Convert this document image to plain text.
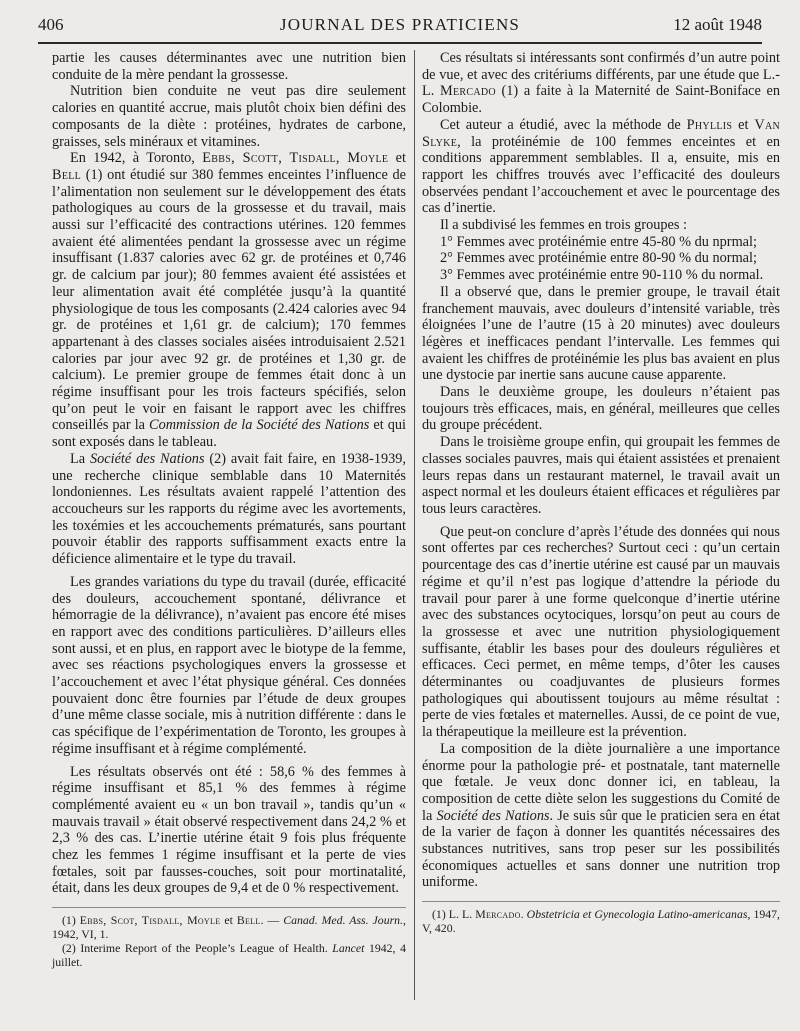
406	JOURNAL DES PRATICIENS	12 août 1948

partie les causes déterminantes avec une nutrition bien conduite de la mère pendant la grossesse.

Nutrition bien conduite ne veut pas dire seulement calories en quantité accrue, mais plutôt choix bien défini des composants de la diète : protéines, hydrates de carbone, graisses, sels minéraux et vitamines.

En 1942, à Toronto, Ebbs, Scott, Tisdall, Moyle et Bell (1) ont étudié sur 380 femmes enceintes l’influence de l’alimentation non seulement sur le développement des états pathologiques au cours de la grossesse et du travail, mais aussi sur l’efficacité des contractions utérines. 120 femmes avaient été alimentées pendant la grossesse avec un régime insuffisant (1.837 calories avec 62 gr. de protéines et 0,746 gr. de calcium par jour); 80 femmes avaient été assistées et leur alimentation avait été complétée jusqu’à la quantité physiologique de tous les composants (2.424 calories avec 94 gr. de protéines et 1,61 gr. de calcium); 170 femmes appartenant à des classes sociales aisées introduisaient 2.521 calories par jour avec 92 gr. de protéines et 1,30 gr. de calcium). Le premier groupe de femmes était donc à un régime insuffisant pour les trois facteurs spécifiés, selon qu’on peut le voir en faisant le rapport avec les chiffres conseillés par la Commission de la Société des Nations et qui sont exposés dans le tableau.

La Société des Nations (2) avait fait faire, en 1938-1939, une recherche clinique semblable dans 10 Maternités londoniennes. Les résultats avaient rappelé l’attention des accoucheurs sur les rapports du régime avec les avortements, les toxémies et les accouchements prématurés, sans pourtant pouvoir établir des rapports suffisamment exacts entre la déficience alimentaire et le type du travail.

Les grandes variations du type du travail (durée, efficacité des douleurs, accouchement spontané, délivrance et hémorragie de la délivrance), n’avaient pas encore été mises en rapport avec des conditions particulières. D’ailleurs elles sont aussi, et en plus, en rapport avec le biotype de la femme, avec ses réactions psychologiques envers la grossesse et l’accouchement et avec l’état physique général. Ces données pouvaient donc être fournies par l’étude de deux groupes d’une même classe sociale, mis à nutrition différente : dans le cas spécifique de l’expérimentation de Toronto, les groupes à régime insuffisant et à régime complémenté.

Les résultats observés ont été : 58,6 % des femmes à régime insuffisant et 85,1 % des femmes à régime complémenté avaient eu « un bon travail », tandis qu’un « mauvais travail » était observé respectivement dans 24,2 % et 2,3 % des cas. L’inertie utérine était 9 fois plus fréquente chez les femmes 1 régime insuffisant et la perte de vies fœtales, soit par fausses-couches, soit pour mortinatalité, était, dans les deux groupes de 9,4 et de 0 % respectivement.

(1) Ebbs, Scot, Tisdall, Moyle et Bell. — Canad. Med. Ass. Journ., 1942, VI, 1.

(2) Interime Report of the People’s League of Health. Lancet 1942, 4 juillet.

Ces résultats si intéressants sont confirmés d’un autre point de vue, et avec des critériums différents, par une étude que L.-L. Mercado (1) a faite à la Maternité de Saint-Boniface en Colombie.

Cet auteur a étudié, avec la méthode de Phyllis et Van Slyke, la protéinémie de 100 femmes enceintes et en conditions apparemment semblables. Il a, ensuite, mis en rapport les chiffres trouvés avec l’efficacité des douleurs observées pendant l’accouchement et avec le pourcentage des cas d’inertie.

Il a subdivisé les femmes en trois groupes :

1° Femmes avec protéinémie entre 45-80 % du nprmal;

2° Femmes avec protéinémie entre 80-90 % du normal;

3° Femmes avec protéinémie entre 90-110 % du normal.

Il a observé que, dans le premier groupe, le travail était franchement mauvais, avec douleurs d’intensité variable, très éloignées l’une de l’autre (15 à 20 minutes) avec douleurs légères et inefficaces pendant l’intervalle. Les femmes qui avaient les chiffres de protéinémie les plus bas avaient en plus une dystocie par inertie sans aucune cause apparente.

Dans le deuxième groupe, les douleurs n’étaient pas toujours très efficaces, mais, en général, meilleures que celles du groupe précédent.

Dans le troisième groupe enfin, qui groupait les femmes de classes sociales pauvres, mais qui étaient assistées et prenaient leurs repas dans un restaurant maternel, le travail avait un aspect normal et les douleurs étaient efficaces et régulières par tous leurs caractères.

Que peut-on conclure d’après l’étude des données qui nous sont offertes par ces recherches? Surtout ceci : qu’un certain pourcentage des cas d’inertie utérine est causé par un mauvais régime et qu’il n’est pas logique d’attendre la période du travail pour parer à une forme quelconque d’inertie utérine avec des substances ocytociques, lorsqu’on peut au cours de la grossesse et avec une nutrition physiologiquement suffisante, établir les bases pour des douleurs régulières et efficaces. Ceci permet, en même temps, d’ôter les causes déterminantes ou coadjuvantes de plusieurs formes pathologiques qui aboutissent toujours au même résultat : perte de vies fœtales et maternelles. Aussi, de ce point de vue, la thérapeutique la meilleure est la prévention.

La composition de la diète journalière a une importance énorme pour la pathologie pré- et postnatale, tant maternelle que fœtale. Je veux donc donner ici, en tableau, la composition de cette diète selon les suggestions du Comité de la Société des Nations. Je suis sûr que le praticien sera en état de la varier de façon à donner les quantités nécessaires des substances nutritives, sans trop peser sur les possibilités économiques actuelles et sans donner une nutrition trop uniforme.

(1) L. L. Mercado. Obstetricia et Gynecologia Latino-americanas, 1947, V, 420.
